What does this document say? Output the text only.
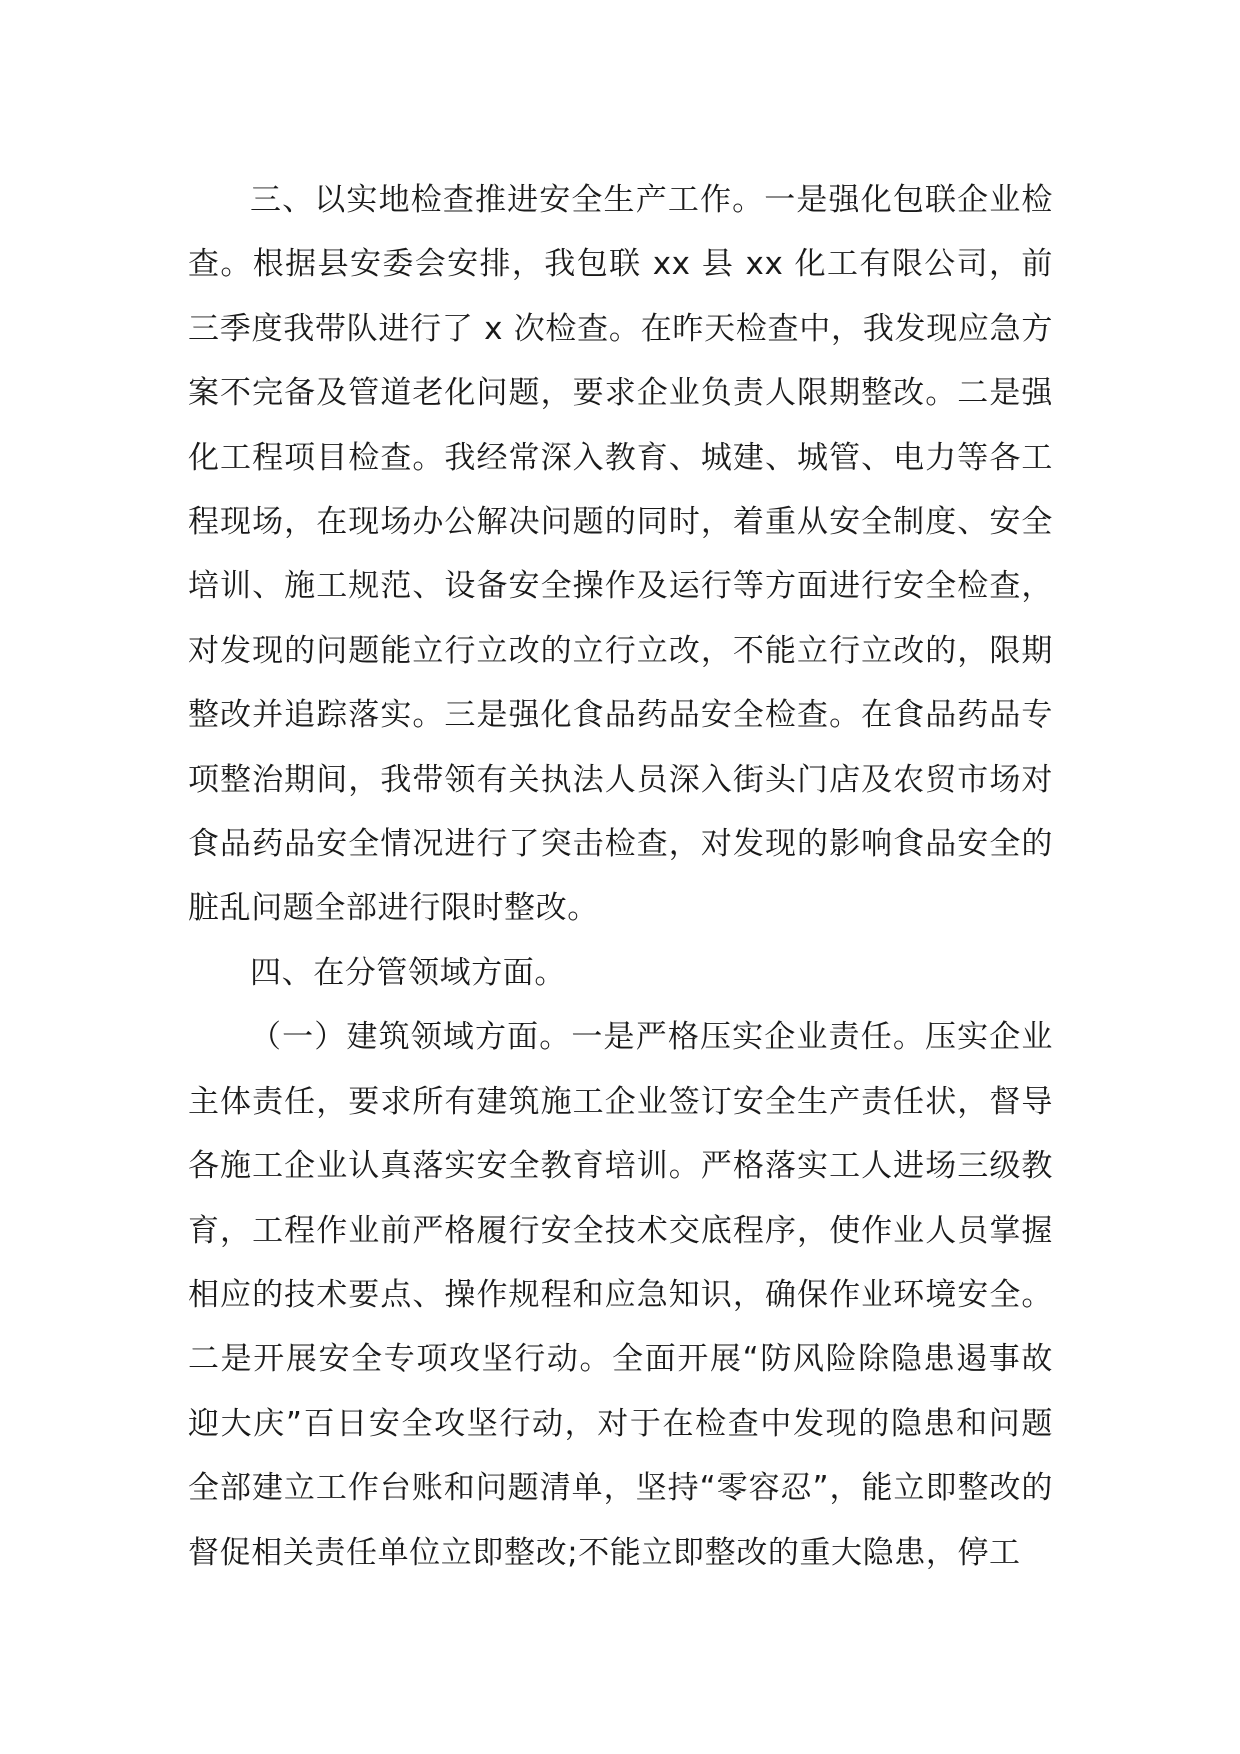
三、以实地检查推进安全生产工作。一是强化包联企业检查。根据县安委会安排，我包联 xx 县 xx 化工有限公司，前三季度我带队进行了 x 次检查。在昨天检查中，我发现应急方案不完备及管道老化问题，要求企业负责人限期整改。二是强化工程项目检查。我经常深入教育、城建、城管、电力等各工程现场，在现场办公解决问题的同时，着重从安全制度、安全培训、施工规范、设备安全操作及运行等方面进行安全检查，对发现的问题能立行立改的立行立改，不能立行立改的，限期整改并追踪落实。三是强化食品药品安全检查。在食品药品专项整治期间，我带领有关执法人员深入街头门店及农贸市场对食品药品安全情况进行了突击检查，对发现的影响食品安全的脏乱问题全部进行限时整改。

四、在分管领域方面。

（一）建筑领域方面。一是严格压实企业责任。压实企业主体责任，要求所有建筑施工企业签订安全生产责任状，督导各施工企业认真落实安全教育培训。严格落实工人进场三级教育，工程作业前严格履行安全技术交底程序，使作业人员掌握相应的技术要点、操作规程和应急知识，确保作业环境安全。二是开展安全专项攻坚行动。全面开展“防风险除隐患遏事故迎大庆”百日安全攻坚行动，对于在检查中发现的隐患和问题全部建立工作台账和问题清单，坚持“零容忍”，能立即整改的督促相关责任单位立即整改;不能立即整改的重大隐患，停工
